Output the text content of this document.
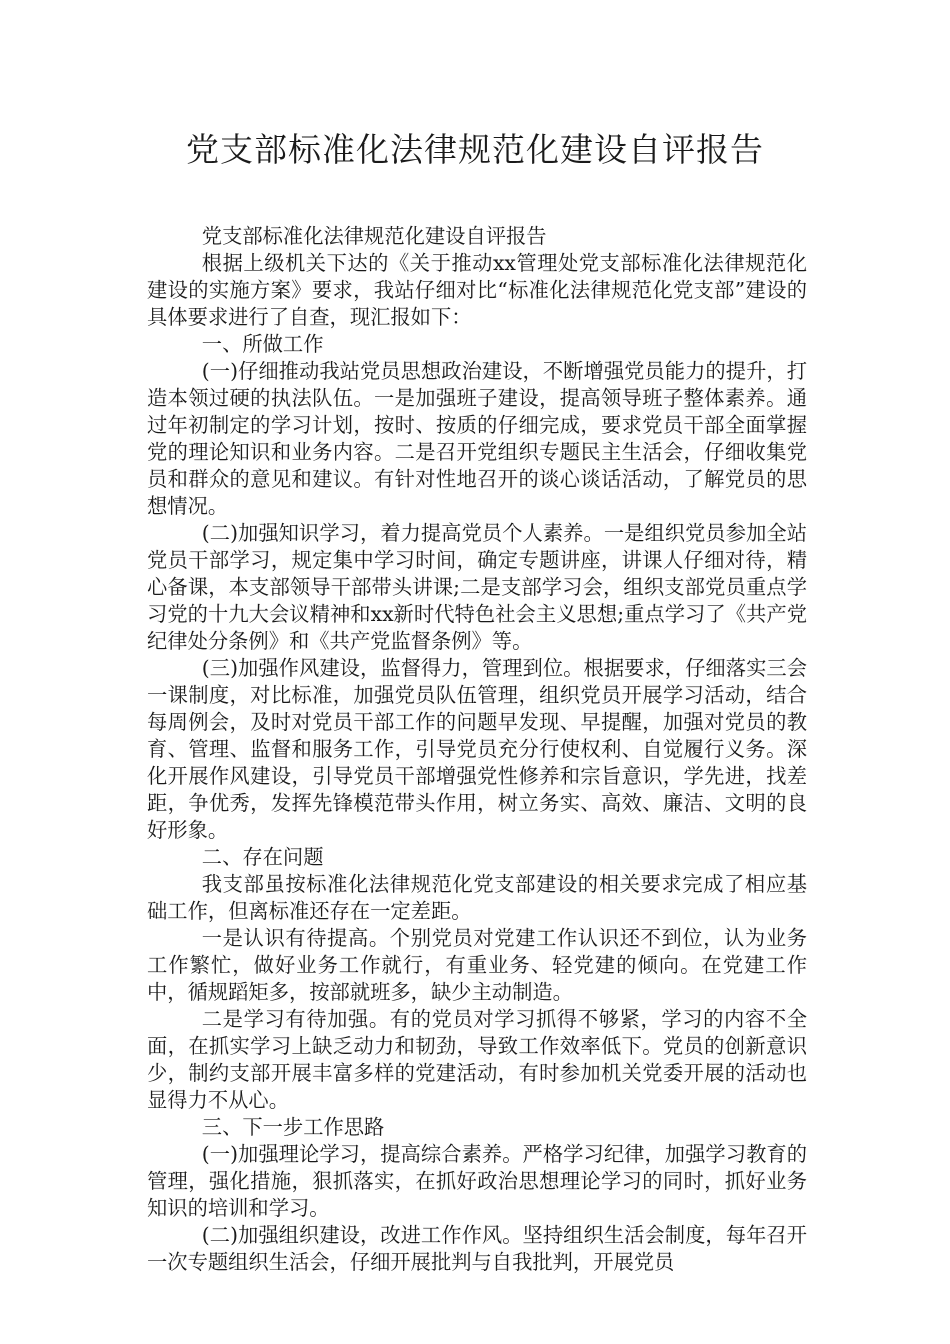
党支部标准化法律规范化建设自评报告

党支部标准化法律规范化建设自评报告

根据上级机关下达的《关于推动xx管理处党支部标准化法律规范化建设的实施方案》要求，我站仔细对比“标准化法律规范化党支部”建设的具体要求进行了自查，现汇报如下：

一、所做工作

(一)仔细推动我站党员思想政治建设，不断增强党员能力的提升，打造本领过硬的执法队伍。一是加强班子建设，提高领导班子整体素养。通过年初制定的学习计划，按时、按质的仔细完成，要求党员干部全面掌握党的理论知识和业务内容。二是召开党组织专题民主生活会，仔细收集党员和群众的意见和建议。有针对性地召开的谈心谈话活动，了解党员的思想情况。

(二)加强知识学习，着力提高党员个人素养。一是组织党员参加全站党员干部学习，规定集中学习时间，确定专题讲座，讲课人仔细对待，精心备课，本支部领导干部带头讲课;二是支部学习会，组织支部党员重点学习党的十九大会议精神和xx新时代特色社会主义思想;重点学习了《共产党纪律处分条例》和《共产党监督条例》等。

(三)加强作风建设，监督得力，管理到位。根据要求，仔细落实三会一课制度，对比标准，加强党员队伍管理，组织党员开展学习活动，结合每周例会，及时对党员干部工作的问题早发现、早提醒，加强对党员的教育、管理、监督和服务工作，引导党员充分行使权利、自觉履行义务。深化开展作风建设，引导党员干部增强党性修养和宗旨意识，学先进，找差距，争优秀，发挥先锋模范带头作用，树立务实、高效、廉洁、文明的良好形象。

二、存在问题

我支部虽按标准化法律规范化党支部建设的相关要求完成了相应基础工作，但离标准还存在一定差距。

一是认识有待提高。个别党员对党建工作认识还不到位，认为业务工作繁忙，做好业务工作就行，有重业务、轻党建的倾向。在党建工作中，循规蹈矩多，按部就班多，缺少主动制造。

二是学习有待加强。有的党员对学习抓得不够紧，学习的内容不全面，在抓实学习上缺乏动力和韧劲，导致工作效率低下。党员的创新意识少，制约支部开展丰富多样的党建活动，有时参加机关党委开展的活动也显得力不从心。

三、下一步工作思路

(一)加强理论学习，提高综合素养。严格学习纪律，加强学习教育的管理，强化措施，狠抓落实，在抓好政治思想理论学习的同时，抓好业务知识的培训和学习。

(二)加强组织建设，改进工作作风。坚持组织生活会制度，每年召开一次专题组织生活会，仔细开展批判与自我批判，开展党员
